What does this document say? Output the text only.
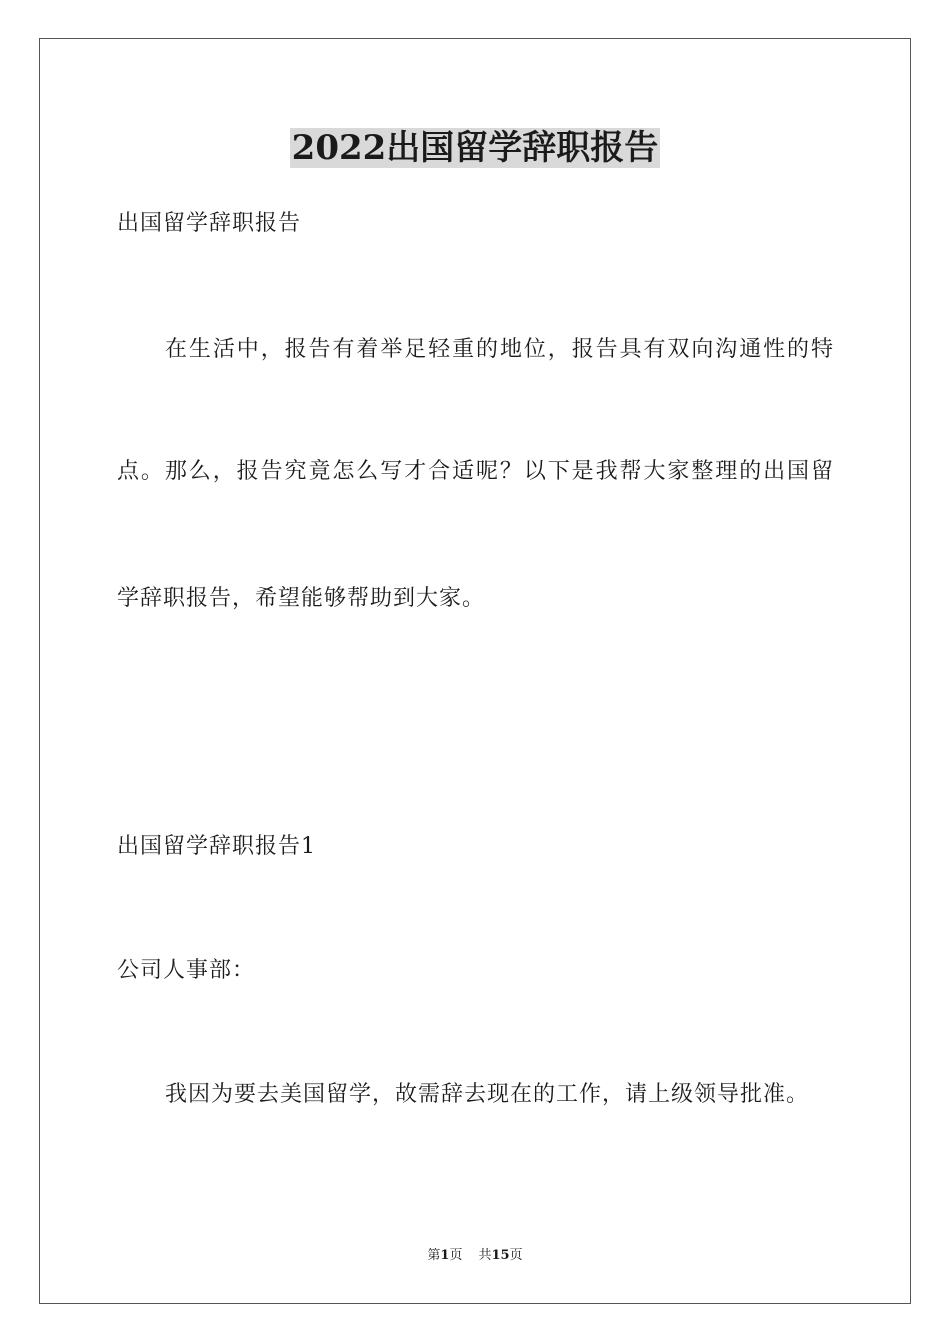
2022出国留学辞职报告
出国留学辞职报告
在生活中，报告有着举足轻重的地位，报告具有双向沟通性的特
点。那么，报告究竟怎么写才合适呢？以下是我帮大家整理的出国留
学辞职报告，希望能够帮助到大家。
出国留学辞职报告1
公司人事部：
我因为要去美国留学，故需辞去现在的工作，请上级领导批准。
第1页 共15页
